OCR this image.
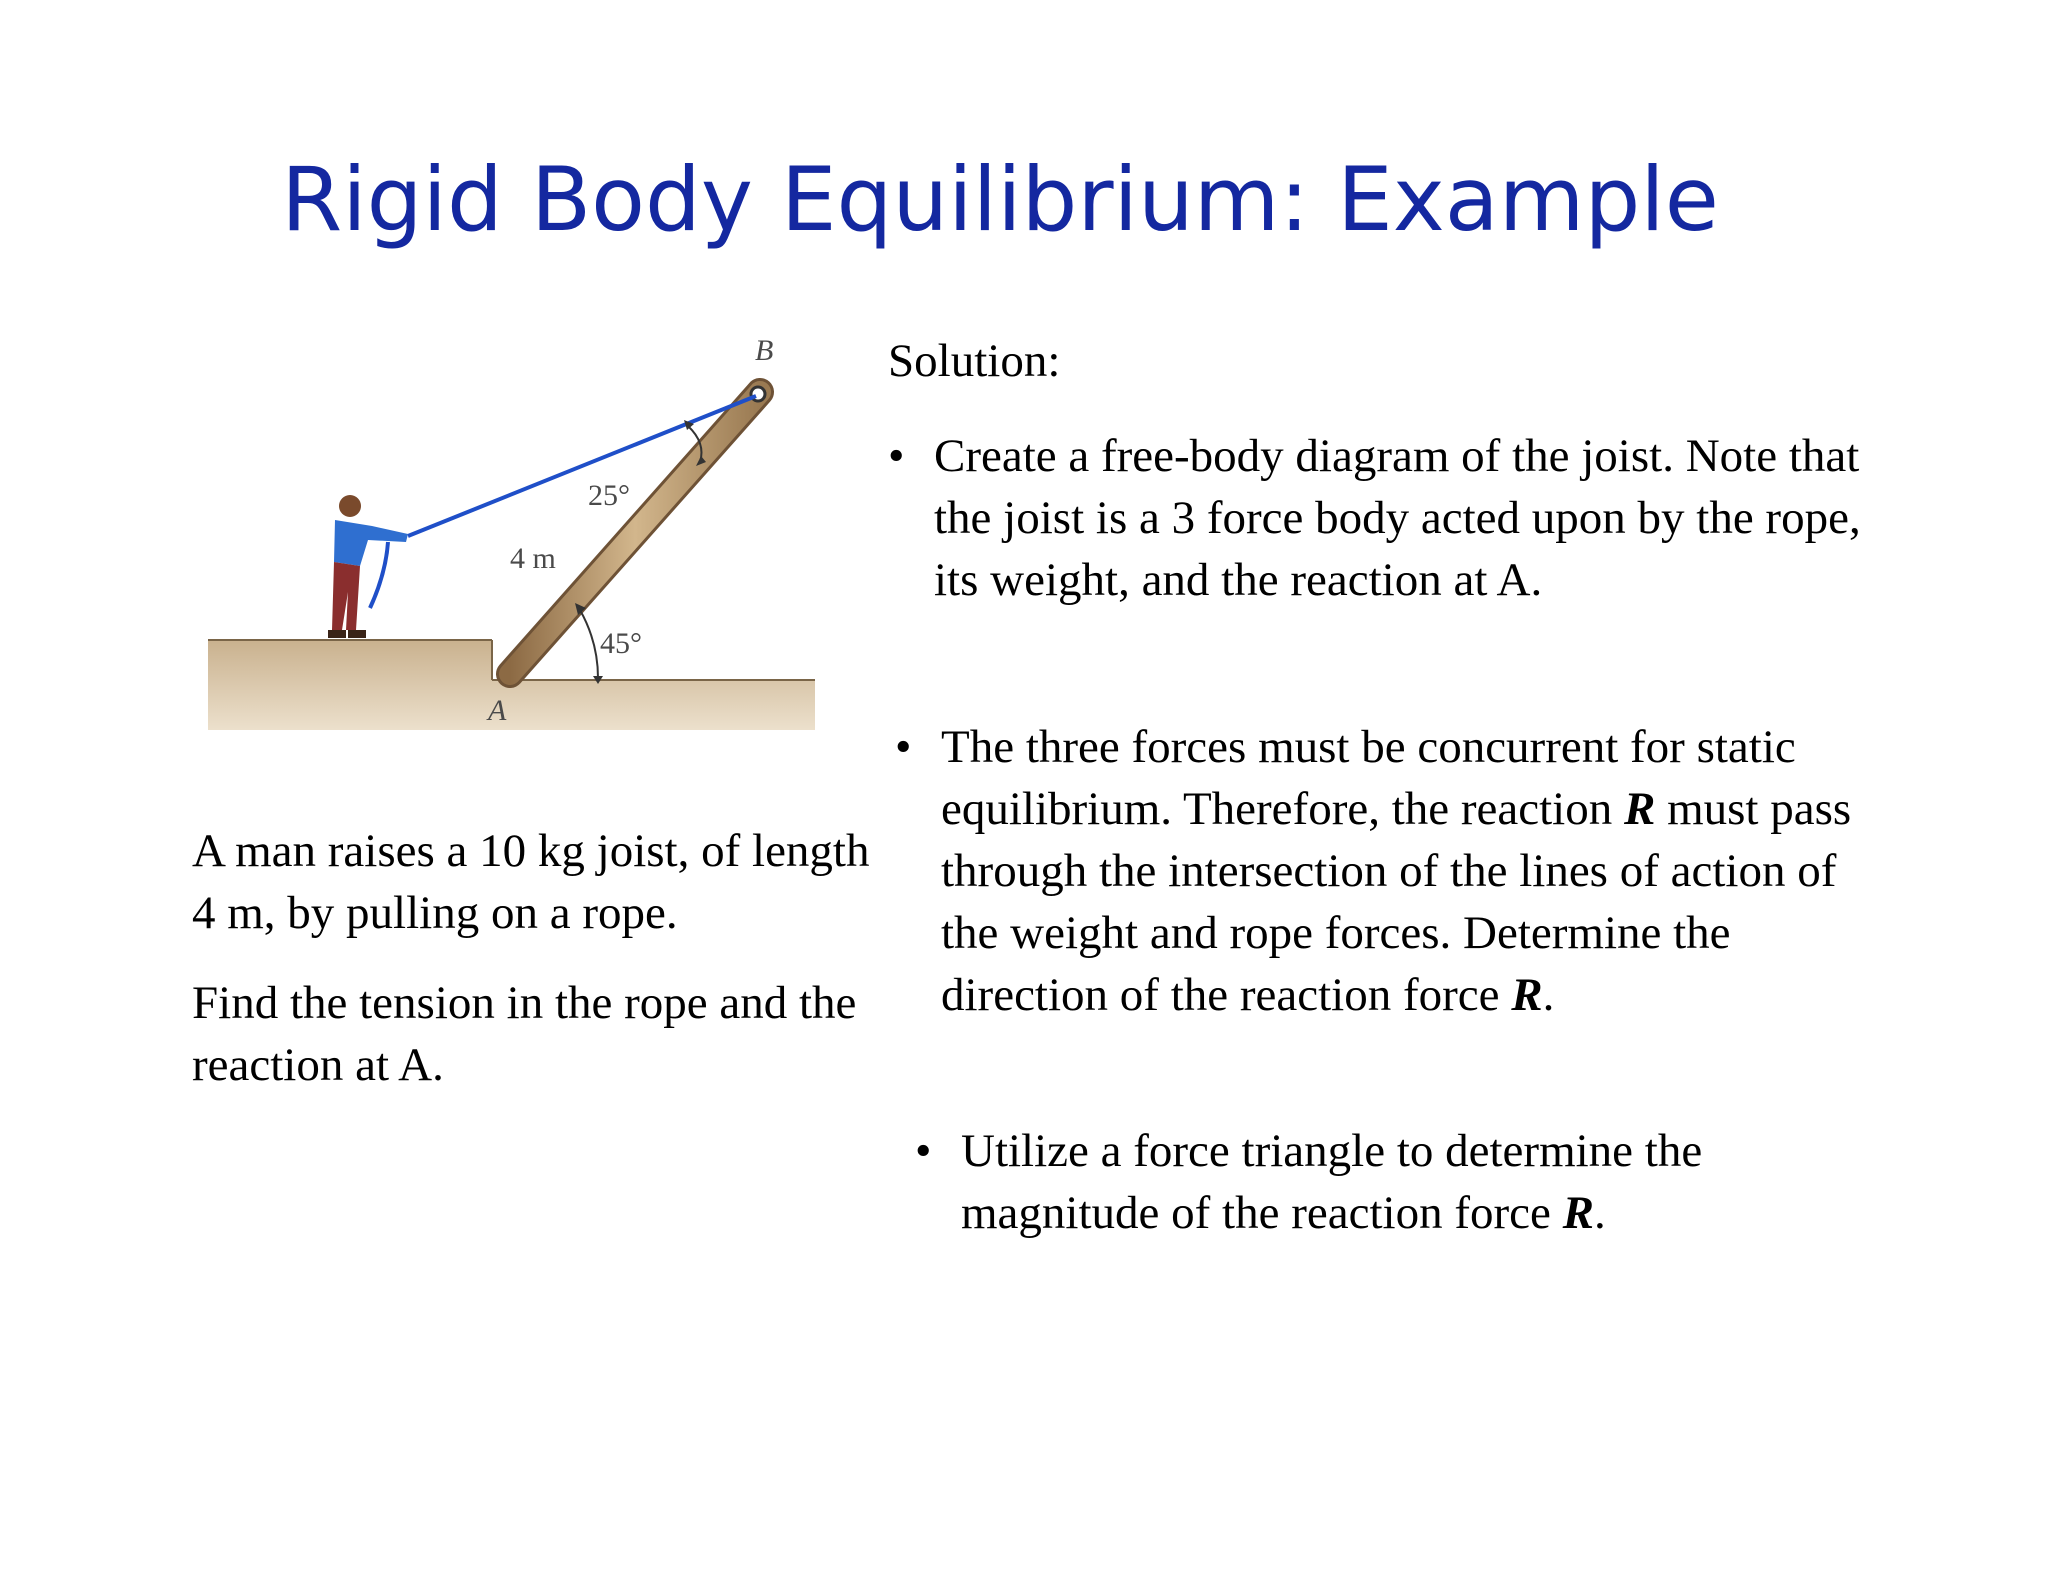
Rigid Body Equilibrium: Example
B
A
4 m
25°
45°

A man raises a 10 kg joist, of length 4 m, by pulling on a rope.

Find the tension in the rope and the reaction at A.

Solution:
• Create a free-body diagram of the joist. Note that the joist is a 3 force body acted upon by the rope, its weight, and the reaction at A.
• The three forces must be concurrent for static equilibrium. Therefore, the reaction R must pass through the intersection of the lines of action of the weight and rope forces. Determine the direction of the reaction force R.
• Utilize a force triangle to determine the magnitude of the reaction force R.
